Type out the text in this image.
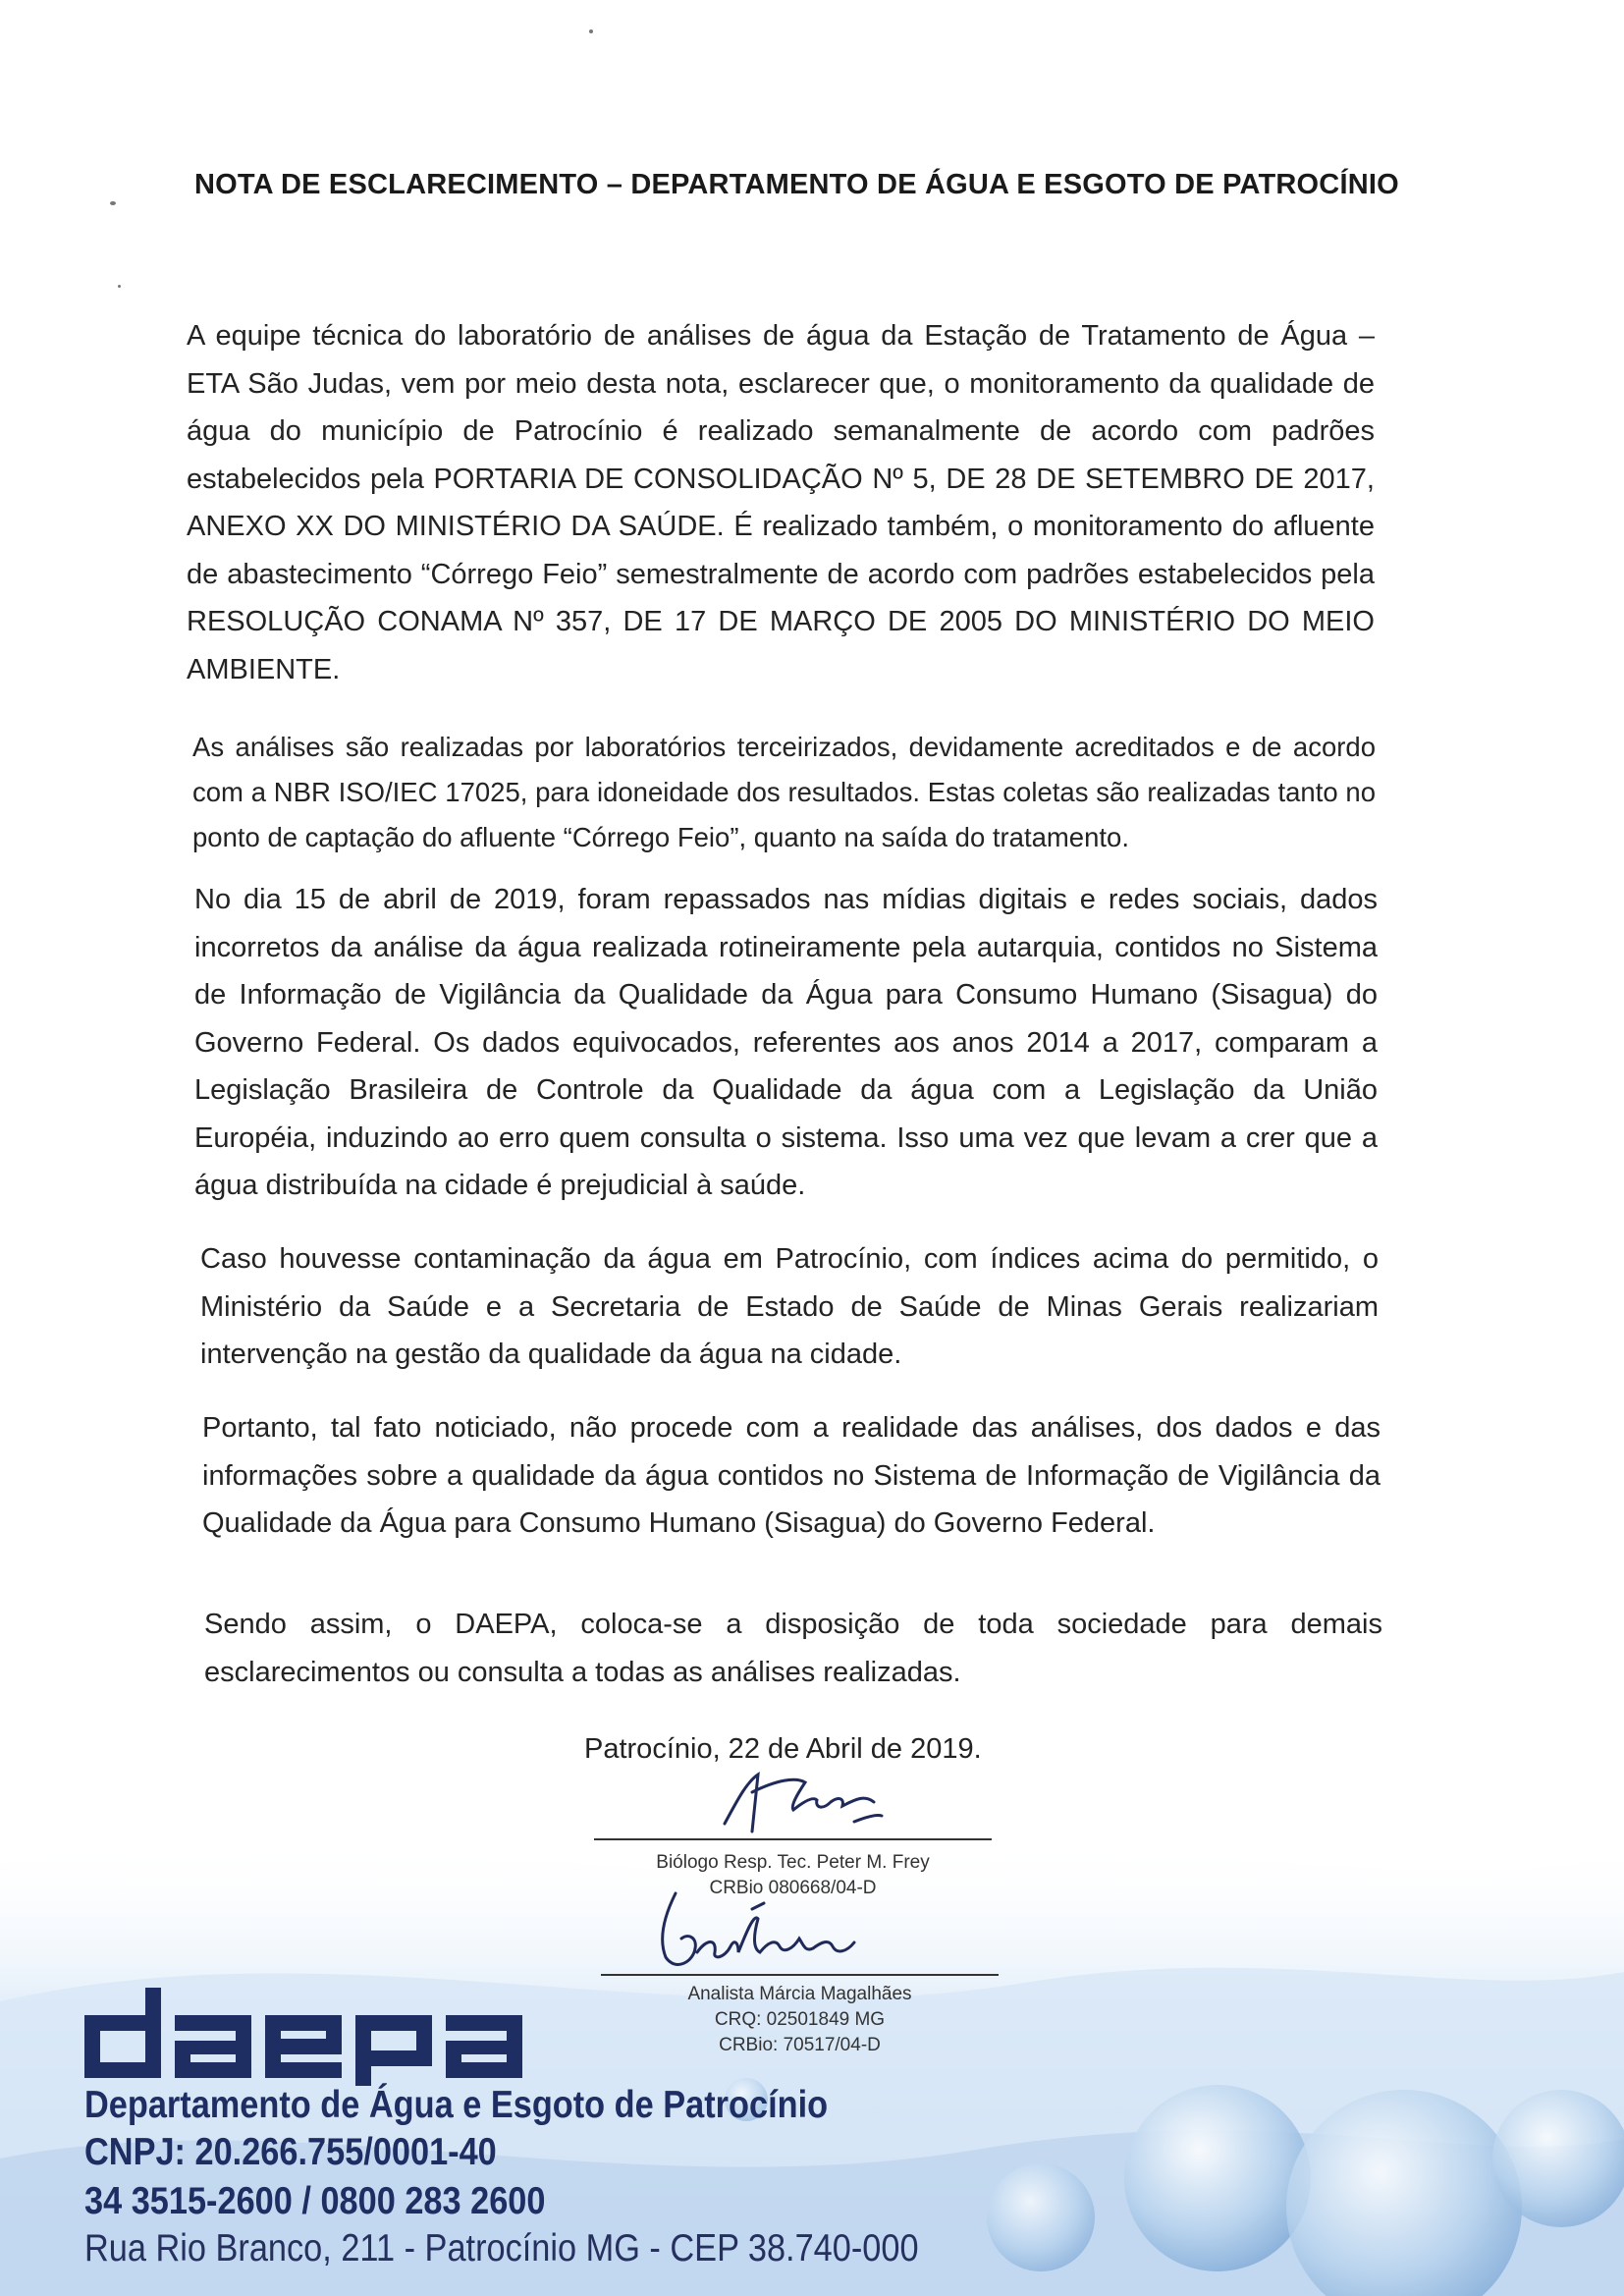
NOTA DE ESCLARECIMENTO – DEPARTAMENTO DE ÁGUA E ESGOTO DE PATROCÍNIO
A equipe técnica do laboratório de análises de água da Estação de Tratamento de Água – ETA São Judas, vem por meio desta nota, esclarecer que, o monitoramento da qualidade de água do município de Patrocínio é realizado semanalmente de acordo com padrões estabelecidos pela PORTARIA DE CONSOLIDAÇÃO Nº 5, DE 28 DE SETEMBRO DE 2017, ANEXO XX DO MINISTÉRIO DA SAÚDE. É realizado também, o monitoramento do afluente de abastecimento “Córrego Feio” semestralmente de acordo com padrões estabelecidos pela RESOLUÇÃO CONAMA Nº 357, DE 17 DE MARÇO DE 2005 DO MINISTÉRIO DO MEIO AMBIENTE.
As análises são realizadas por laboratórios terceirizados, devidamente acreditados e de acordo com a NBR ISO/IEC 17025, para idoneidade dos resultados. Estas coletas são realizadas tanto no ponto de captação do afluente “Córrego Feio”, quanto na saída do tratamento.
No dia 15 de abril de 2019, foram repassados nas mídias digitais e redes sociais, dados incorretos da análise da água realizada rotineiramente pela autarquia, contidos no Sistema de Informação de Vigilância da Qualidade da Água para Consumo Humano (Sisagua) do Governo Federal. Os dados equivocados, referentes aos anos 2014 a 2017, comparam a Legislação Brasileira de Controle da Qualidade da água com a Legislação da União Européia, induzindo ao erro quem consulta o sistema. Isso uma vez que levam a crer que a água distribuída na cidade é prejudicial à saúde.
Caso houvesse contaminação da água em Patrocínio, com índices acima do permitido, o Ministério da Saúde e a Secretaria de Estado de Saúde de Minas Gerais realizariam intervenção na gestão da qualidade da água na cidade.
Portanto, tal fato noticiado, não procede com a realidade das análises, dos dados e das informações sobre a qualidade da água contidos no Sistema de Informação de Vigilância da Qualidade da Água para Consumo Humano (Sisagua) do Governo Federal.
Sendo assim, o DAEPA, coloca-se a disposição de toda sociedade para demais esclarecimentos ou consulta a todas as análises realizadas.
Patrocínio, 22 de Abril de 2019.
Biólogo Resp. Tec. Peter M. Frey
CRBio 080668/04-D
Analista Márcia Magalhães
CRQ: 02501849 MG
CRBio: 70517/04-D
Departamento de Água e Esgoto de Patrocínio
CNPJ: 20.266.755/0001-40
34 3515-2600 / 0800 283 2600
Rua Rio Branco, 211 - Patrocínio MG - CEP 38.740-000
